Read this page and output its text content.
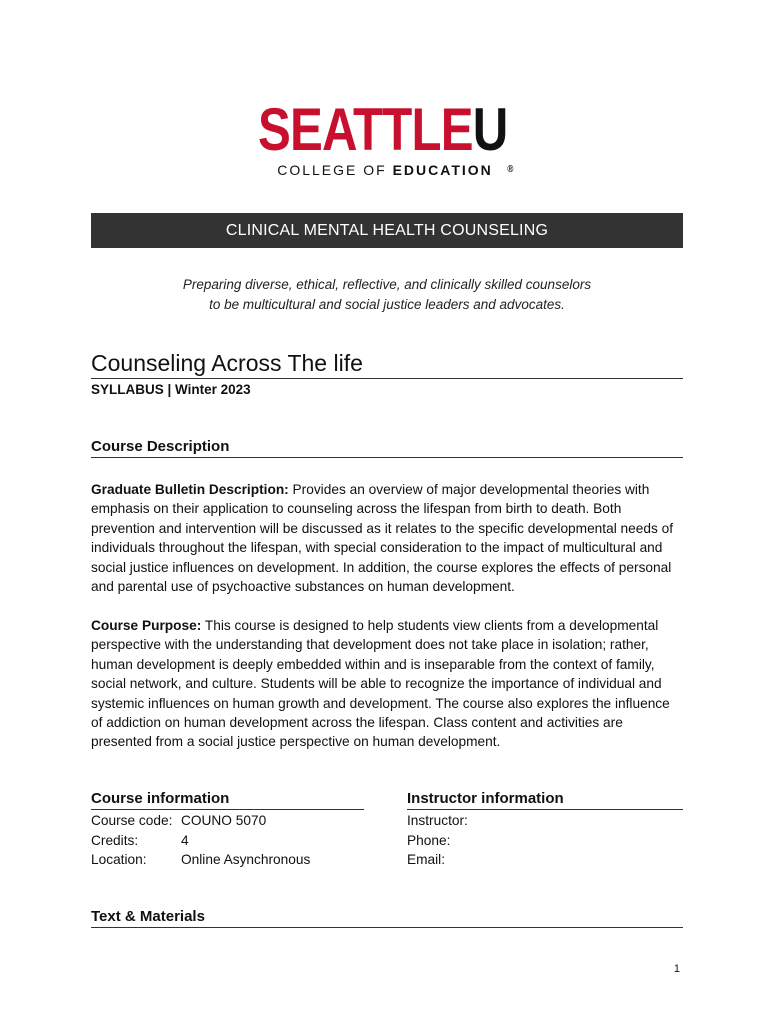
SEATTLEU®
COLLEGE OF EDUCATION
CLINICAL MENTAL HEALTH COUNSELING
Preparing diverse, ethical, reflective, and clinically skilled counselors
to be multicultural and social justice leaders and advocates.
Counseling Across The life
SYLLABUS | Winter 2023
Course Description
Graduate Bulletin Description: Provides an overview of major developmental theories with emphasis on their application to counseling across the lifespan from birth to death. Both prevention and intervention will be discussed as it relates to the specific developmental needs of individuals throughout the lifespan, with special consideration to the impact of multicultural and social justice influences on development. In addition, the course explores the effects of personal and parental use of psychoactive substances on human development.
Course Purpose: This course is designed to help students view clients from a developmental perspective with the understanding that development does not take place in isolation; rather, human development is deeply embedded within and is inseparable from the context of family, social network, and culture. Students will be able to recognize the importance of individual and systemic influences on human growth and development. The course also explores the influence of addiction on human development across the lifespan. Class content and activities are presented from a social justice perspective on human development.
Course information
Course code: COUNO 5070
Credits:	4
Location:	Online Asynchronous
Instructor information
Instructor:
Phone:
Email:
Text & Materials
1
